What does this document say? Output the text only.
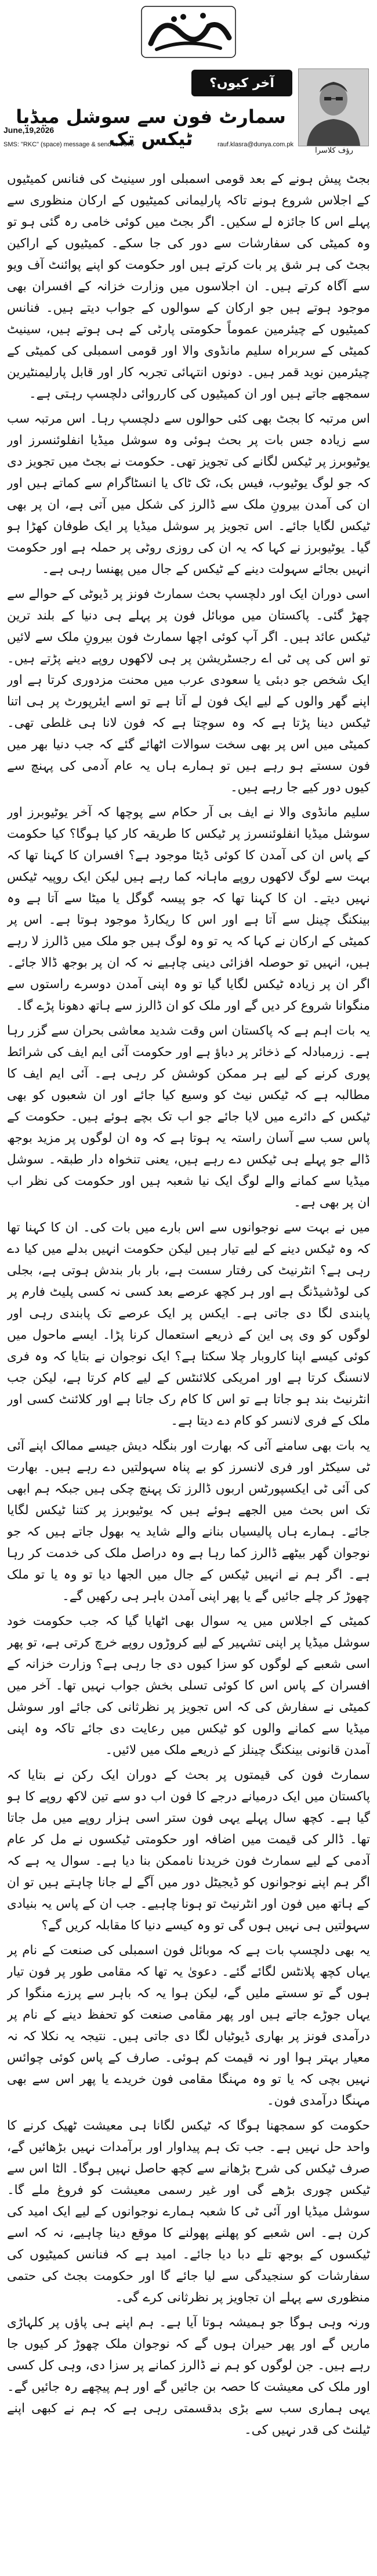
دنیا
رؤف کلاسرا
آخر کیوں؟
سمارٹ فون سے سوشل میڈیا ٹیکس تک
June,19,2026
SMS: "RKC" (space) message & send to 7575	rauf.klasra@dunya.com.pk

بجٹ پیش ہونے کے بعد قومی اسمبلی اور سینیٹ کی فنانس کمیٹیوں کے اجلاس شروع ہونے تاکہ پارلیمانی کمیٹیوں کے ارکان منظوری سے پہلے اس کا جائزہ لے سکیں۔ اگر بجٹ میں کوئی خامی رہ گئی ہو تو وہ کمیٹی کی سفارشات سے دور کی جا سکے۔ کمیٹیوں کے اراکین بجٹ کی ہر شق پر بات کرتے ہیں اور حکومت کو اپنے پوائنٹ آف ویو سے آگاہ کرتے ہیں۔ ان اجلاسوں میں وزارت خزانہ کے افسران بھی موجود ہوتے ہیں جو ارکان کے سوالوں کے جواب دیتے ہیں۔ فنانس کمیٹیوں کے چیئرمین عموماً حکومتی پارٹی کے ہی ہوتے ہیں، سینیٹ کمیٹی کے سربراہ سلیم مانڈوی والا اور قومی اسمبلی کی کمیٹی کے چیئرمین نوید قمر ہیں۔ دونوں انتہائی تجربہ کار اور قابل پارلیمنٹیرین سمجھے جاتے ہیں اور ان کمیٹیوں کی کارروائی دلچسپ رہتی ہے۔

اس مرتبہ کا بجٹ بھی کئی حوالوں سے دلچسپ رہا۔ اس مرتبہ سب سے زیادہ جس بات پر بحث ہوئی وہ سوشل میڈیا انفلوئنسرز اور یوٹیوبرز پر ٹیکس لگانے کی تجویز تھی۔ حکومت نے بجٹ میں تجویز دی کہ جو لوگ یوٹیوب، فیس بک، ٹک ٹاک یا انسٹاگرام سے کماتے ہیں اور ان کی آمدن بیرونِ ملک سے ڈالرز کی شکل میں آتی ہے، ان پر بھی ٹیکس لگایا جائے۔ اس تجویز پر سوشل میڈیا پر ایک طوفان کھڑا ہو گیا۔ یوٹیوبرز نے کہا کہ یہ ان کی روزی روٹی پر حملہ ہے اور حکومت انہیں بجائے سہولت دینے کے ٹیکس کے جال میں پھنسا رہی ہے۔

اسی دوران ایک اور دلچسپ بحث سمارٹ فونز پر ڈیوٹی کے حوالے سے چھڑ گئی۔ پاکستان میں موبائل فون پر پہلے ہی دنیا کے بلند ترین ٹیکس عائد ہیں۔ اگر آپ کوئی اچھا سمارٹ فون بیرونِ ملک سے لائیں تو اس کی پی ٹی اے رجسٹریشن پر ہی لاکھوں روپے دینے پڑتے ہیں۔ ایک شخص جو دبئی یا سعودی عرب میں محنت مزدوری کرتا ہے اور اپنے گھر والوں کے لیے ایک فون لے آتا ہے تو اسے ایئرپورٹ پر ہی اتنا ٹیکس دینا پڑتا ہے کہ وہ سوچتا ہے کہ فون لانا ہی غلطی تھی۔ کمیٹی میں اس پر بھی سخت سوالات اٹھائے گئے کہ جب دنیا بھر میں فون سستے ہو رہے ہیں تو ہمارے ہاں یہ عام آدمی کی پہنچ سے کیوں دور کیے جا رہے ہیں۔

سلیم مانڈوی والا نے ایف بی آر حکام سے پوچھا کہ آخر یوٹیوبرز اور سوشل میڈیا انفلوئنسرز پر ٹیکس کا طریقہ کار کیا ہوگا؟ کیا حکومت کے پاس ان کی آمدن کا کوئی ڈیٹا موجود ہے؟ افسران کا کہنا تھا کہ بہت سے لوگ لاکھوں روپے ماہانہ کما رہے ہیں لیکن ایک روپیہ ٹیکس نہیں دیتے۔ ان کا کہنا تھا کہ جو پیسہ گوگل یا میٹا سے آتا ہے وہ بینکنگ چینل سے آتا ہے اور اس کا ریکارڈ موجود ہوتا ہے۔ اس پر کمیٹی کے ارکان نے کہا کہ یہ تو وہ لوگ ہیں جو ملک میں ڈالرز لا رہے ہیں، انہیں تو حوصلہ افزائی دینی چاہیے نہ کہ ان پر بوجھ ڈالا جائے۔ اگر ان پر زیادہ ٹیکس لگایا گیا تو وہ اپنی آمدن دوسرے راستوں سے منگوانا شروع کر دیں گے اور ملک کو ان ڈالرز سے ہاتھ دھونا پڑے گا۔

یہ بات اہم ہے کہ پاکستان اس وقت شدید معاشی بحران سے گزر رہا ہے۔ زرمبادلہ کے ذخائر پر دباؤ ہے اور حکومت آئی ایم ایف کی شرائط پوری کرنے کے لیے ہر ممکن کوشش کر رہی ہے۔ آئی ایم ایف کا مطالبہ ہے کہ ٹیکس نیٹ کو وسیع کیا جائے اور ان شعبوں کو بھی ٹیکس کے دائرے میں لایا جائے جو اب تک بچے ہوئے ہیں۔ حکومت کے پاس سب سے آسان راستہ یہ ہوتا ہے کہ وہ ان لوگوں پر مزید بوجھ ڈالے جو پہلے ہی ٹیکس دے رہے ہیں، یعنی تنخواہ دار طبقہ۔ سوشل میڈیا سے کمانے والے لوگ ایک نیا شعبہ ہیں اور حکومت کی نظر اب ان پر بھی ہے۔

میں نے بہت سے نوجوانوں سے اس بارے میں بات کی۔ ان کا کہنا تھا کہ وہ ٹیکس دینے کے لیے تیار ہیں لیکن حکومت انہیں بدلے میں کیا دے رہی ہے؟ انٹرنیٹ کی رفتار سست ہے، بار بار بندش ہوتی ہے، بجلی کی لوڈشیڈنگ ہے اور ہر کچھ عرصے بعد کسی نہ کسی پلیٹ فارم پر پابندی لگا دی جاتی ہے۔ ایکس پر ایک عرصے تک پابندی رہی اور لوگوں کو وی پی این کے ذریعے استعمال کرنا پڑا۔ ایسے ماحول میں کوئی کیسے اپنا کاروبار چلا سکتا ہے؟ ایک نوجوان نے بتایا کہ وہ فری لانسنگ کرتا ہے اور امریکی کلائنٹس کے لیے کام کرتا ہے، لیکن جب انٹرنیٹ بند ہو جاتا ہے تو اس کا کام رک جاتا ہے اور کلائنٹ کسی اور ملک کے فری لانسر کو کام دے دیتا ہے۔

یہ بات بھی سامنے آئی کہ بھارت اور بنگلہ دیش جیسے ممالک اپنے آئی ٹی سیکٹر اور فری لانسرز کو بے پناہ سہولتیں دے رہے ہیں۔ بھارت کی آئی ٹی ایکسپورٹس اربوں ڈالرز تک پہنچ چکی ہیں جبکہ ہم ابھی تک اس بحث میں الجھے ہوئے ہیں کہ یوٹیوبرز پر کتنا ٹیکس لگایا جائے۔ ہمارے ہاں پالیسیاں بنانے والے شاید یہ بھول جاتے ہیں کہ جو نوجوان گھر بیٹھے ڈالرز کما رہا ہے وہ دراصل ملک کی خدمت کر رہا ہے۔ اگر ہم نے انہیں ٹیکس کے جال میں الجھا دیا تو وہ یا تو ملک چھوڑ کر چلے جائیں گے یا پھر اپنی آمدن باہر ہی رکھیں گے۔

کمیٹی کے اجلاس میں یہ سوال بھی اٹھایا گیا کہ جب حکومت خود سوشل میڈیا پر اپنی تشہیر کے لیے کروڑوں روپے خرچ کرتی ہے، تو پھر اسی شعبے کے لوگوں کو سزا کیوں دی جا رہی ہے؟ وزارت خزانہ کے افسران کے پاس اس کا کوئی تسلی بخش جواب نہیں تھا۔ آخر میں کمیٹی نے سفارش کی کہ اس تجویز پر نظرثانی کی جائے اور سوشل میڈیا سے کمانے والوں کو ٹیکس میں رعایت دی جائے تاکہ وہ اپنی آمدن قانونی بینکنگ چینلز کے ذریعے ملک میں لائیں۔

سمارٹ فون کی قیمتوں پر بحث کے دوران ایک رکن نے بتایا کہ پاکستان میں ایک درمیانے درجے کا فون اب دو سے تین لاکھ روپے کا ہو گیا ہے۔ کچھ سال پہلے یہی فون ستر اسی ہزار روپے میں مل جاتا تھا۔ ڈالر کی قیمت میں اضافہ اور حکومتی ٹیکسوں نے مل کر عام آدمی کے لیے سمارٹ فون خریدنا ناممکن بنا دیا ہے۔ سوال یہ ہے کہ اگر ہم اپنے نوجوانوں کو ڈیجیٹل دور میں آگے لے جانا چاہتے ہیں تو ان کے ہاتھ میں فون اور انٹرنیٹ تو ہونا چاہیے۔ جب ان کے پاس یہ بنیادی سہولتیں ہی نہیں ہوں گی تو وہ کیسے دنیا کا مقابلہ کریں گے؟

یہ بھی دلچسپ بات ہے کہ موبائل فون اسمبلی کی صنعت کے نام پر یہاں کچھ پلانٹس لگائے گئے۔ دعویٰ یہ تھا کہ مقامی طور پر فون تیار ہوں گے تو سستے ملیں گے، لیکن ہوا یہ کہ باہر سے پرزے منگوا کر یہاں جوڑے جاتے ہیں اور پھر مقامی صنعت کو تحفظ دینے کے نام پر درآمدی فونز پر بھاری ڈیوٹیاں لگا دی جاتی ہیں۔ نتیجہ یہ نکلا کہ نہ معیار بہتر ہوا اور نہ قیمت کم ہوئی۔ صارف کے پاس کوئی چوائس نہیں بچی کہ یا تو وہ مہنگا مقامی فون خریدے یا پھر اس سے بھی مہنگا درآمدی فون۔

حکومت کو سمجھنا ہوگا کہ ٹیکس لگانا ہی معیشت ٹھیک کرنے کا واحد حل نہیں ہے۔ جب تک ہم پیداوار اور برآمدات نہیں بڑھائیں گے، صرف ٹیکس کی شرح بڑھانے سے کچھ حاصل نہیں ہوگا۔ الٹا اس سے ٹیکس چوری بڑھے گی اور غیر رسمی معیشت کو فروغ ملے گا۔ سوشل میڈیا اور آئی ٹی کا شعبہ ہمارے نوجوانوں کے لیے ایک امید کی کرن ہے۔ اس شعبے کو پھلنے پھولنے کا موقع دینا چاہیے، نہ کہ اسے ٹیکسوں کے بوجھ تلے دبا دیا جائے۔ امید ہے کہ فنانس کمیٹیوں کی سفارشات کو سنجیدگی سے لیا جائے گا اور حکومت بجٹ کی حتمی منظوری سے پہلے ان تجاویز پر نظرثانی کرے گی۔

ورنہ وہی ہوگا جو ہمیشہ ہوتا آیا ہے۔ ہم اپنے ہی پاؤں پر کلہاڑی ماریں گے اور پھر حیران ہوں گے کہ نوجوان ملک چھوڑ کر کیوں جا رہے ہیں۔ جن لوگوں کو ہم نے ڈالرز کمانے پر سزا دی، وہی کل کسی اور ملک کی معیشت کا حصہ بن جائیں گے اور ہم پیچھے رہ جائیں گے۔ یہی ہماری سب سے بڑی بدقسمتی رہی ہے کہ ہم نے کبھی اپنے ٹیلنٹ کی قدر نہیں کی۔
